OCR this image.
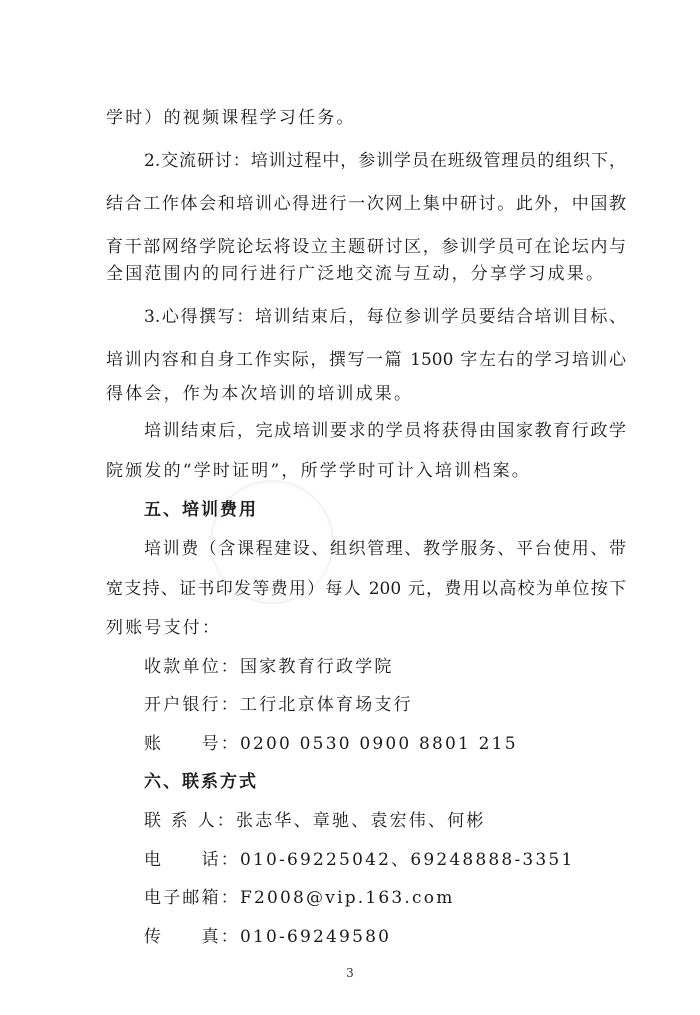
学时）的视频课程学习任务。
2.交流研讨：培训过程中，参训学员在班级管理员的组织下，
结合工作体会和培训心得进行一次网上集中研讨。此外，中国教
育干部网络学院论坛将设立主题研讨区，参训学员可在论坛内与
全国范围内的同行进行广泛地交流与互动，分享学习成果。
3.心得撰写：培训结束后，每位参训学员要结合培训目标、
培训内容和自身工作实际，撰写一篇 1500 字左右的学习培训心
得体会，作为本次培训的培训成果。
培训结束后，完成培训要求的学员将获得由国家教育行政学
院颁发的“学时证明”，所学学时可计入培训档案。
五、培训费用
培训费（含课程建设、组织管理、教学服务、平台使用、带
宽支持、证书印发等费用）每人 200 元，费用以高校为单位按下
列账号支付：
收款单位：国家教育行政学院
开户银行：工行北京体育场支行
账　　号：0200 0530 0900 8801 215
六、联系方式
联 系 人：张志华、章驰、袁宏伟、何彬
电　　话：010-69225042、69248888-3351
电子邮箱：F2008@vip.163.com
传　　真：010-69249580
3
